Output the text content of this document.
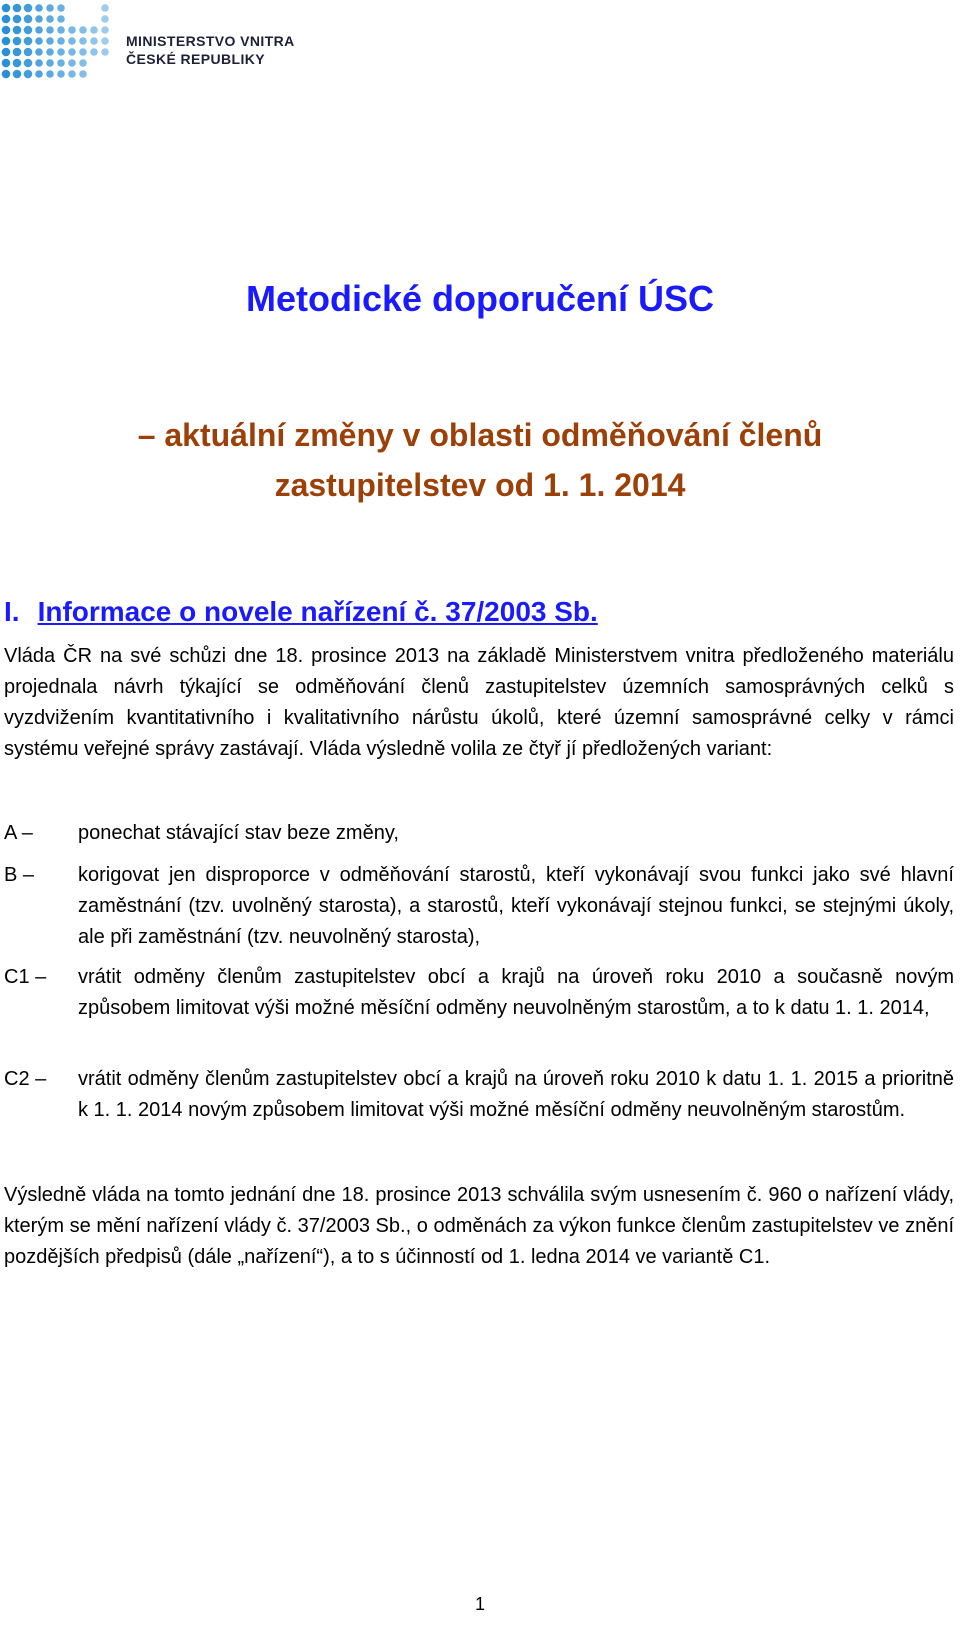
MINISTERSTVO VNITRA
ČESKÉ REPUBLIKY
Metodické doporučení ÚSC
– aktuální změny v oblasti odměňování členů zastupitelstev od 1. 1. 2014
I. Informace o novele nařízení č. 37/2003 Sb.

Vláda ČR na své schůzi dne 18. prosince 2013 na základě Ministerstvem vnitra předloženého materiálu projednala návrh týkající se odměňování členů zastupitelstev územních samosprávných celků s vyzdvižením kvantitativního i kvalitativního nárůstu úkolů, které územní samosprávné celky v rámci systému veřejné správy zastávají. Vláda výsledně volila ze čtyř jí předložených variant:

A – ponechat stávající stav beze změny,
B – korigovat jen disproporce v odměňování starostů, kteří vykonávají svou funkci jako své hlavní zaměstnání (tzv. uvolněný starosta), a starostů, kteří vykonávají stejnou funkci, se stejnými úkoly, ale při zaměstnání (tzv. neuvolněný starosta),
C1 – vrátit odměny členům zastupitelstev obcí a krajů na úroveň roku 2010 a současně novým způsobem limitovat výši možné měsíční odměny neuvolněným starostům, a to k datu 1. 1. 2014,
C2 – vrátit odměny členům zastupitelstev obcí a krajů na úroveň roku 2010 k datu 1. 1. 2015 a prioritně k 1. 1. 2014 novým způsobem limitovat výši možné měsíční odměny neuvolněným starostům.

Výsledně vláda na tomto jednání dne 18. prosince 2013 schválila svým usnesením č. 960 o nařízení vlády, kterým se mění nařízení vlády č. 37/2003 Sb., o odměnách za výkon funkce členům zastupitelstev ve znění pozdějších předpisů (dále „nařízení“), a to s účinností od 1. ledna 2014 ve variantě C1.

1
